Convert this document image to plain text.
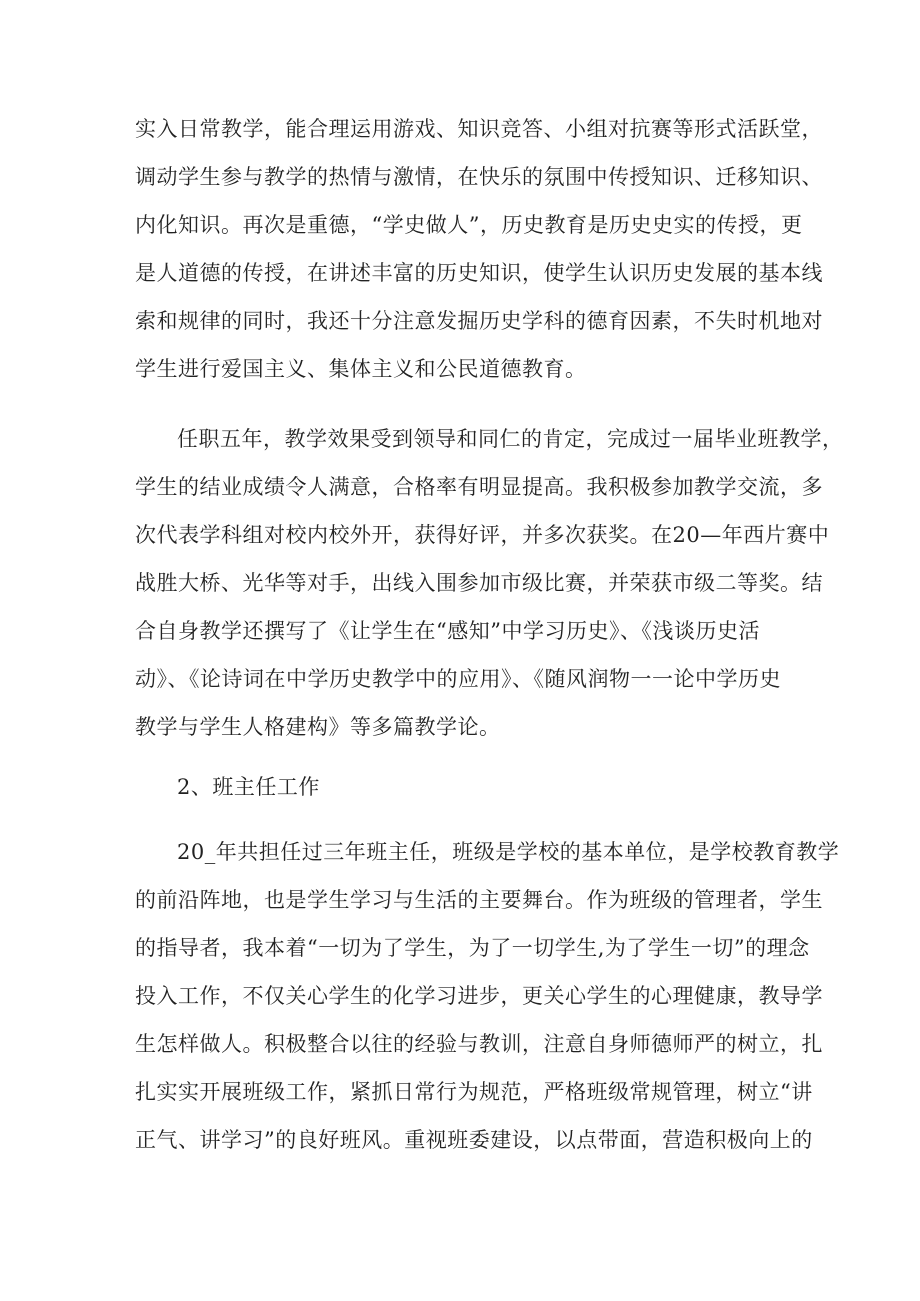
实入日常教学，能合理运用游戏、知识竞答、小组对抗赛等形式活跃堂，
调动学生参与教学的热情与激情，在快乐的氛围中传授知识、迁移知识、
内化知识。再次是重德，“学史做人”，历史教育是历史史实的传授，更
是人道德的传授，在讲述丰富的历史知识，使学生认识历史发展的基本线
索和规律的同时，我还十分注意发掘历史学科的德育因素，不失时机地对
学生进行爱国主义、集体主义和公民道德教育。
任职五年，教学效果受到领导和同仁的肯定，完成过一届毕业班教学，
学生的结业成绩令人满意，合格率有明显提高。我积极参加教学交流，多
次代表学科组对校内校外开，获得好评，并多次获奖。在20—年西片赛中
战胜大桥、光华等对手，出线入围参加市级比赛，并荣获市级二等奖。结
合自身教学还撰写了《让学生在“感知”中学习历史》、《浅谈历史活
动》、《论诗词在中学历史教学中的应用》、《随风润物一一论中学历史
教学与学生人格建构》等多篇教学论。
2、班主任工作
20_年共担任过三年班主任，班级是学校的基本单位，是学校教育教学
的前沿阵地，也是学生学习与生活的主要舞台。作为班级的管理者，学生
的指导者，我本着“一切为了学生，为了一切学生,为了学生一切”的理念
投入工作，不仅关心学生的化学习进步，更关心学生的心理健康，教导学
生怎样做人。积极整合以往的经验与教训，注意自身师德师严的树立，扎
扎实实开展班级工作，紧抓日常行为规范，严格班级常规管理，树立“讲
正气、讲学习”的良好班风。重视班委建设，以点带面，营造积极向上的
